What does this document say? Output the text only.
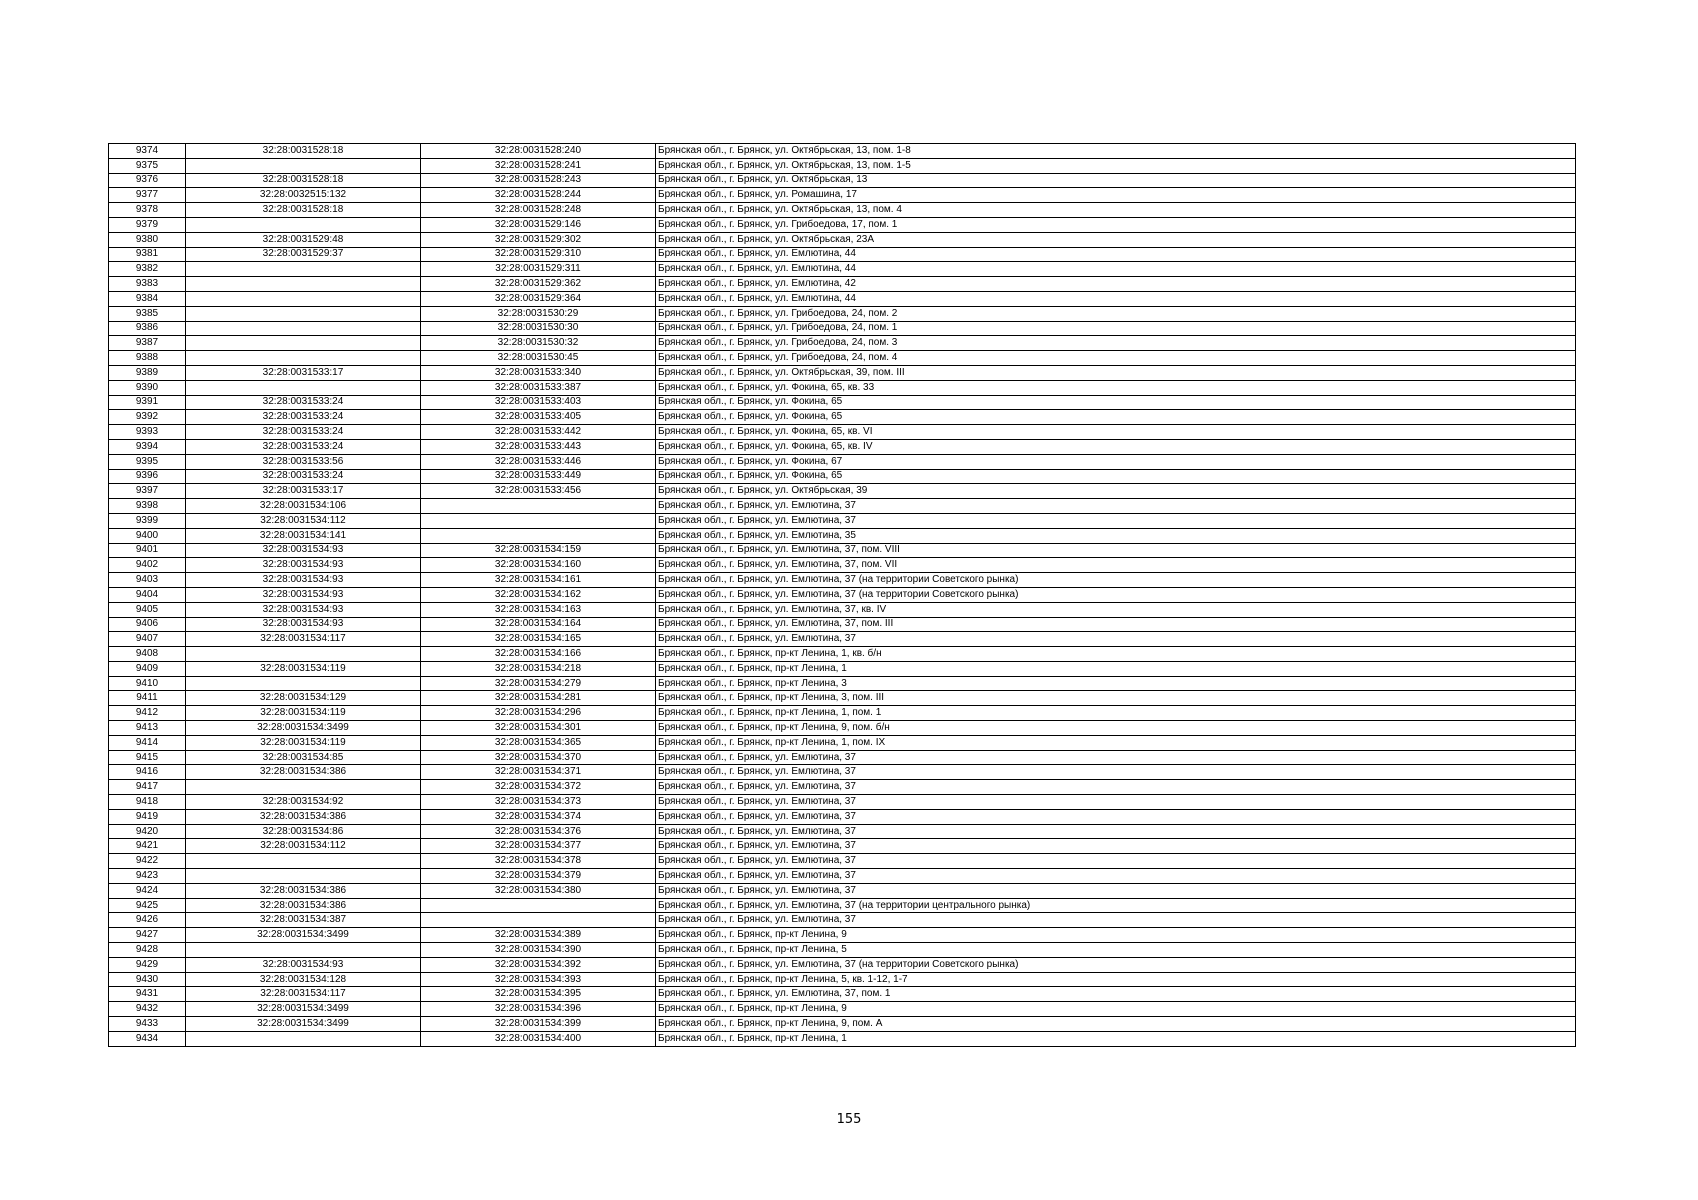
9374	32:28:0031528:18	32:28:0031528:240	Брянская обл., г. Брянск, ул. Октябрьская, 13, пом. 1-8
9375		32:28:0031528:241	Брянская обл., г. Брянск, ул. Октябрьская, 13, пом. 1-5
9376	32:28:0031528:18	32:28:0031528:243	Брянская обл., г. Брянск, ул. Октябрьская, 13
9377	32:28:0032515:132	32:28:0031528:244	Брянская обл., г. Брянск, ул. Ромашина, 17
9378	32:28:0031528:18	32:28:0031528:248	Брянская обл., г. Брянск, ул. Октябрьская, 13, пом. 4
9379		32:28:0031529:146	Брянская обл., г. Брянск, ул. Грибоедова, 17, пом. 1
9380	32:28:0031529:48	32:28:0031529:302	Брянская обл., г. Брянск, ул. Октябрьская, 23А
9381	32:28:0031529:37	32:28:0031529:310	Брянская обл., г. Брянск, ул. Емлютина, 44
9382		32:28:0031529:311	Брянская обл., г. Брянск, ул. Емлютина, 44
9383		32:28:0031529:362	Брянская обл., г. Брянск, ул. Емлютина, 42
9384		32:28:0031529:364	Брянская обл., г. Брянск, ул. Емлютина, 44
9385		32:28:0031530:29	Брянская обл., г. Брянск, ул. Грибоедова, 24, пом. 2
9386		32:28:0031530:30	Брянская обл., г. Брянск, ул. Грибоедова, 24, пом. 1
9387		32:28:0031530:32	Брянская обл., г. Брянск, ул. Грибоедова, 24, пом. 3
9388		32:28:0031530:45	Брянская обл., г. Брянск, ул. Грибоедова, 24, пом. 4
9389	32:28:0031533:17	32:28:0031533:340	Брянская обл., г. Брянск, ул. Октябрьская, 39, пом. III
9390		32:28:0031533:387	Брянская обл., г. Брянск, ул. Фокина, 65, кв. 33
9391	32:28:0031533:24	32:28:0031533:403	Брянская обл., г. Брянск, ул. Фокина, 65
9392	32:28:0031533:24	32:28:0031533:405	Брянская обл., г. Брянск, ул. Фокина, 65
9393	32:28:0031533:24	32:28:0031533:442	Брянская обл., г. Брянск, ул. Фокина, 65, кв. VI
9394	32:28:0031533:24	32:28:0031533:443	Брянская обл., г. Брянск, ул. Фокина, 65, кв. IV
9395	32:28:0031533:56	32:28:0031533:446	Брянская обл., г. Брянск, ул. Фокина, 67
9396	32:28:0031533:24	32:28:0031533:449	Брянская обл., г. Брянск, ул. Фокина, 65
9397	32:28:0031533:17	32:28:0031533:456	Брянская обл., г. Брянск, ул. Октябрьская, 39
9398	32:28:0031534:106		Брянская обл., г. Брянск, ул. Емлютина, 37
9399	32:28:0031534:112		Брянская обл., г. Брянск, ул. Емлютина, 37
9400	32:28:0031534:141		Брянская обл., г. Брянск, ул. Емлютина, 35
9401	32:28:0031534:93	32:28:0031534:159	Брянская обл., г. Брянск, ул. Емлютина, 37, пом. VIII
9402	32:28:0031534:93	32:28:0031534:160	Брянская обл., г. Брянск, ул. Емлютина, 37, пом. VII
9403	32:28:0031534:93	32:28:0031534:161	Брянская обл., г. Брянск, ул. Емлютина, 37 (на территории Советского рынка)
9404	32:28:0031534:93	32:28:0031534:162	Брянская обл., г. Брянск, ул. Емлютина, 37 (на территории Советского рынка)
9405	32:28:0031534:93	32:28:0031534:163	Брянская обл., г. Брянск, ул. Емлютина, 37, кв. IV
9406	32:28:0031534:93	32:28:0031534:164	Брянская обл., г. Брянск, ул. Емлютина, 37, пом. III
9407	32:28:0031534:117	32:28:0031534:165	Брянская обл., г. Брянск, ул. Емлютина, 37
9408		32:28:0031534:166	Брянская обл., г. Брянск, пр-кт Ленина, 1, кв. б/н
9409	32:28:0031534:119	32:28:0031534:218	Брянская обл., г. Брянск, пр-кт Ленина, 1
9410		32:28:0031534:279	Брянская обл., г. Брянск, пр-кт Ленина, 3
9411	32:28:0031534:129	32:28:0031534:281	Брянская обл., г. Брянск, пр-кт Ленина, 3, пом. III
9412	32:28:0031534:119	32:28:0031534:296	Брянская обл., г. Брянск, пр-кт Ленина, 1, пом. 1
9413	32:28:0031534:3499	32:28:0031534:301	Брянская обл., г. Брянск, пр-кт Ленина, 9, пом. б/н
9414	32:28:0031534:119	32:28:0031534:365	Брянская обл., г. Брянск, пр-кт Ленина, 1, пом. IX
9415	32:28:0031534:85	32:28:0031534:370	Брянская обл., г. Брянск, ул. Емлютина, 37
9416	32:28:0031534:386	32:28:0031534:371	Брянская обл., г. Брянск, ул. Емлютина, 37
9417		32:28:0031534:372	Брянская обл., г. Брянск, ул. Емлютина, 37
9418	32:28:0031534:92	32:28:0031534:373	Брянская обл., г. Брянск, ул. Емлютина, 37
9419	32:28:0031534:386	32:28:0031534:374	Брянская обл., г. Брянск, ул. Емлютина, 37
9420	32:28:0031534:86	32:28:0031534:376	Брянская обл., г. Брянск, ул. Емлютина, 37
9421	32:28:0031534:112	32:28:0031534:377	Брянская обл., г. Брянск, ул. Емлютина, 37
9422		32:28:0031534:378	Брянская обл., г. Брянск, ул. Емлютина, 37
9423		32:28:0031534:379	Брянская обл., г. Брянск, ул. Емлютина, 37
9424	32:28:0031534:386	32:28:0031534:380	Брянская обл., г. Брянск, ул. Емлютина, 37
9425	32:28:0031534:386		Брянская обл., г. Брянск, ул. Емлютина, 37 (на территории центрального рынка)
9426	32:28:0031534:387		Брянская обл., г. Брянск, ул. Емлютина, 37
9427	32:28:0031534:3499	32:28:0031534:389	Брянская обл., г. Брянск, пр-кт Ленина, 9
9428		32:28:0031534:390	Брянская обл., г. Брянск, пр-кт Ленина, 5
9429	32:28:0031534:93	32:28:0031534:392	Брянская обл., г. Брянск, ул. Емлютина, 37 (на территории Советского рынка)
9430	32:28:0031534:128	32:28:0031534:393	Брянская обл., г. Брянск, пр-кт Ленина, 5, кв. 1-12, 1-7
9431	32:28:0031534:117	32:28:0031534:395	Брянская обл., г. Брянск, ул. Емлютина, 37, пом. 1
9432	32:28:0031534:3499	32:28:0031534:396	Брянская обл., г. Брянск, пр-кт Ленина, 9
9433	32:28:0031534:3499	32:28:0031534:399	Брянская обл., г. Брянск, пр-кт Ленина, 9, пом. А
9434		32:28:0031534:400	Брянская обл., г. Брянск, пр-кт Ленина, 1
155
